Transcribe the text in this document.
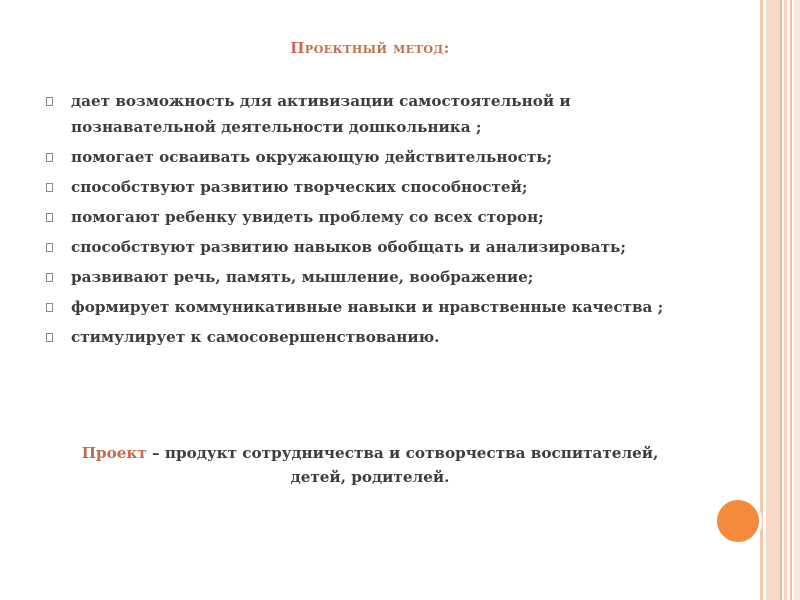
Проектный метод:
дает возможность для активизации самостоятельной и познавательной деятельности дошкольника ;
помогает осваивать окружающую действительность;
способствуют развитию творческих способностей;
помогают ребенку увидеть проблему со всех сторон;
способствуют развитию навыков обобщать и анализировать;
развивают речь, память, мышление, воображение;
формирует коммуникативные навыки и нравственные качества ;
стимулирует к самосовершенствованию.
Проект – продукт сотрудничества и сотворчества воспитателей, детей, родителей.
